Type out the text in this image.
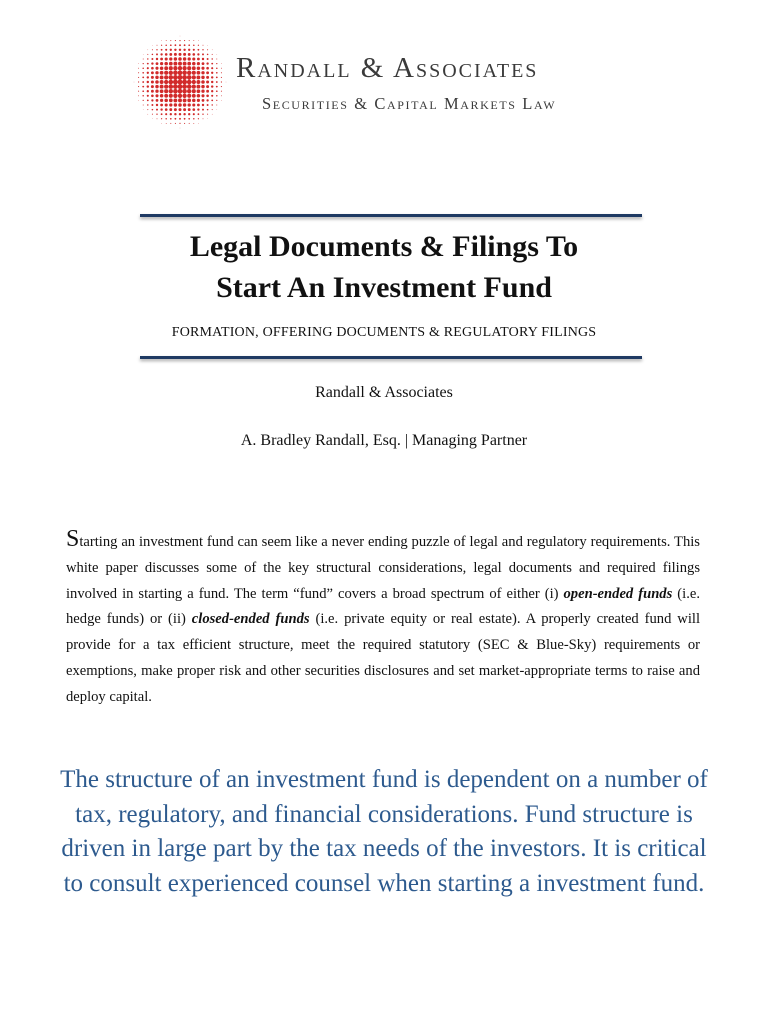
Randall & Associates
Securities & Capital Markets Law
Legal Documents & Filings To
Start An Investment Fund
FORMATION, OFFERING DOCUMENTS & REGULATORY FILINGS
Randall & Associates
A. Bradley Randall, Esq. | Managing Partner

Starting an investment fund can seem like a never ending puzzle of legal and regulatory requirements. This white paper discusses some of the key structural considerations, legal documents and required filings involved in starting a fund. The term “fund” covers a broad spectrum of either (i) open-ended funds (i.e. hedge funds) or (ii) closed-ended funds (i.e. private equity or real estate). A properly created fund will provide for a tax efficient structure, meet the required statutory (SEC & Blue-Sky) requirements or exemptions, make proper risk and other securities disclosures and set market-appropriate terms to raise and deploy capital.

The structure of an investment fund is dependent on a number of tax, regulatory, and financial considerations. Fund structure is driven in large part by the tax needs of the investors. It is critical to consult experienced counsel when starting a investment fund.
